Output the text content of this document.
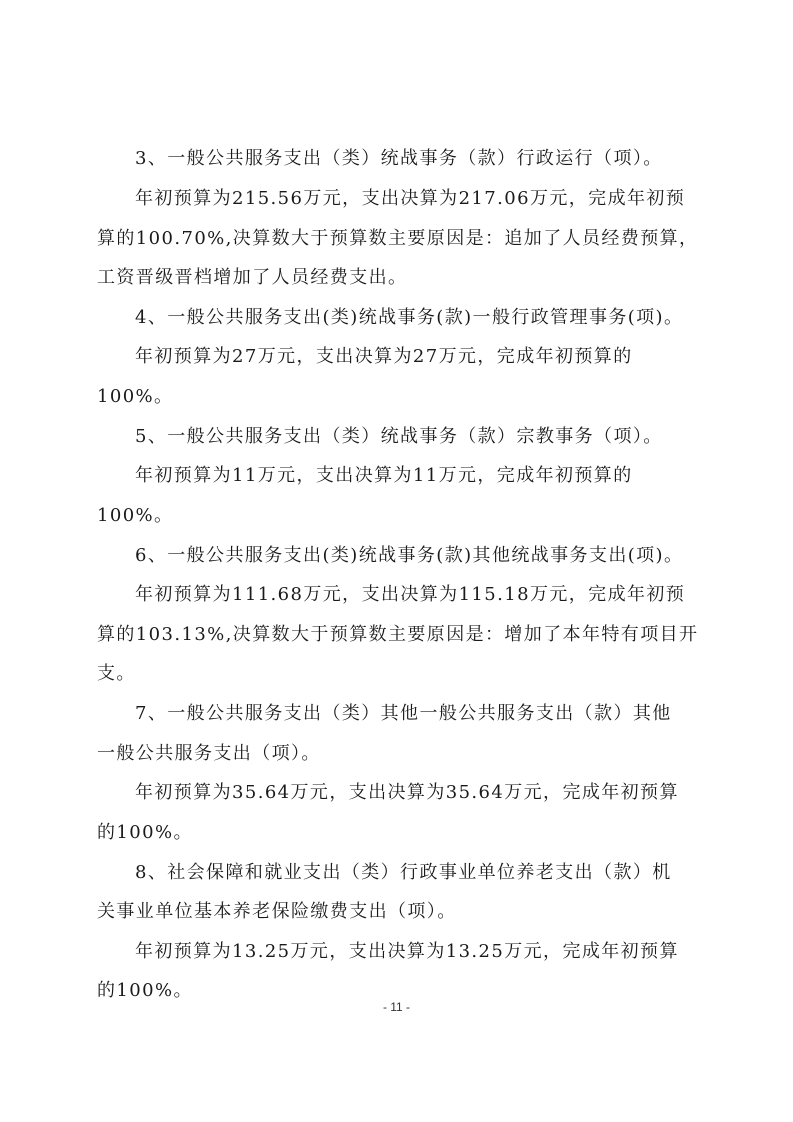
3、一般公共服务支出（类）统战事务（款）行政运行（项）。
年初预算为215.56万元，支出决算为217.06万元，完成年初预
算的100.70%,决算数大于预算数主要原因是：追加了人员经费预算，
工资晋级晋档增加了人员经费支出。
4、一般公共服务支出(类)统战事务(款)一般行政管理事务(项)。
年初预算为27万元，支出决算为27万元，完成年初预算的
100%。
5、一般公共服务支出（类）统战事务（款）宗教事务（项）。
年初预算为11万元，支出决算为11万元，完成年初预算的
100%。
6、一般公共服务支出(类)统战事务(款)其他统战事务支出(项)。
年初预算为111.68万元，支出决算为115.18万元，完成年初预
算的103.13%,决算数大于预算数主要原因是：增加了本年特有项目开
支。
7、一般公共服务支出（类）其他一般公共服务支出（款）其他
一般公共服务支出（项）。
年初预算为35.64万元，支出决算为35.64万元，完成年初预算
的100%。
8、社会保障和就业支出（类）行政事业单位养老支出（款）机
关事业单位基本养老保险缴费支出（项）。
年初预算为13.25万元，支出决算为13.25万元，完成年初预算
的100%。
- 11 -
